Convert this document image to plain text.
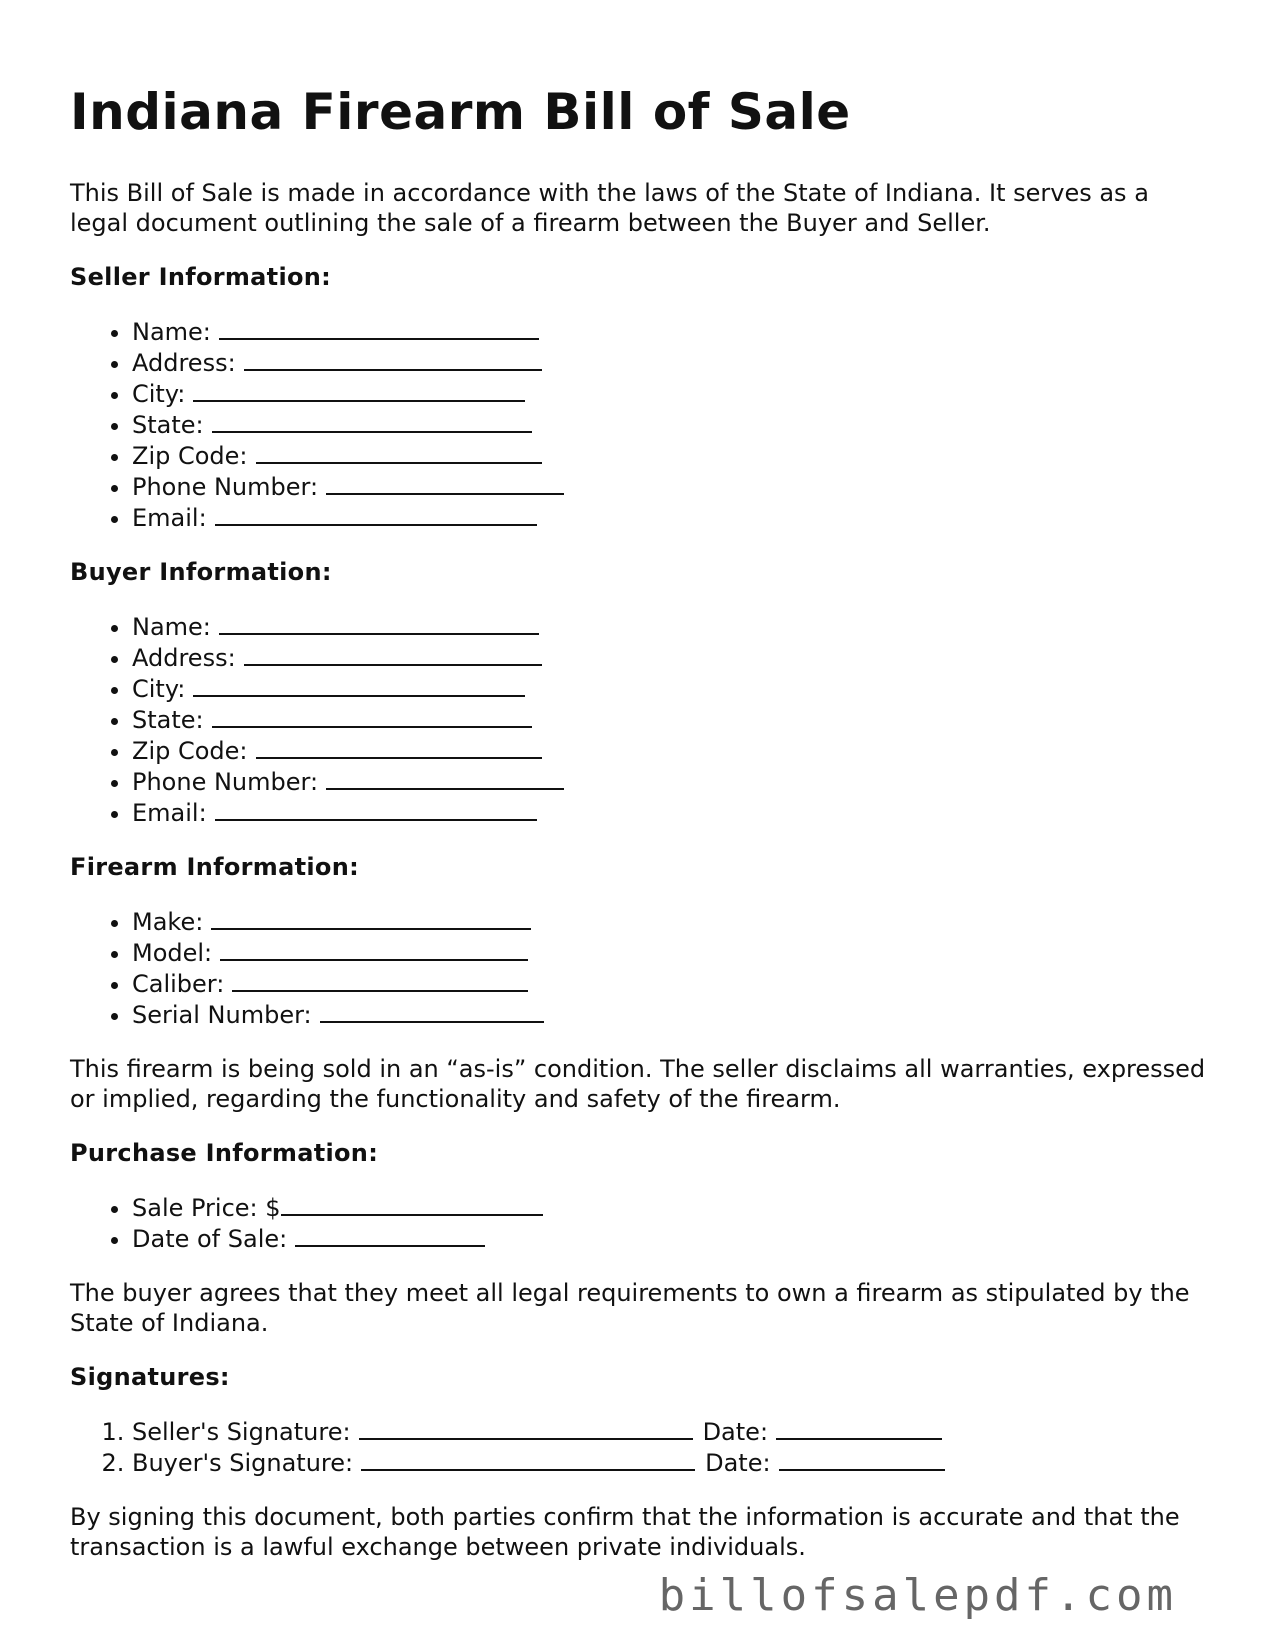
Indiana Firearm Bill of Sale

This Bill of Sale is made in accordance with the laws of the State of Indiana. It serves as a legal document outlining the sale of a firearm between the Buyer and Seller.

Seller Information:
• Name:
• Address:
• City:
• State:
• Zip Code:
• Phone Number:
• Email:
Buyer Information:
• Name:
• Address:
• City:
• State:
• Zip Code:
• Phone Number:
• Email:
Firearm Information:
• Make:
• Model:
• Caliber:
• Serial Number:

This firearm is being sold in an “as-is” condition. The seller disclaims all warranties, expressed or implied, regarding the functionality and safety of the firearm.

Purchase Information:
• Sale Price: $
• Date of Sale:

The buyer agrees that they meet all legal requirements to own a firearm as stipulated by the State of Indiana.

Signatures:
1. Seller's Signature:	Date:
2. Buyer's Signature:	Date:

By signing this document, both parties confirm that the information is accurate and that the transaction is a lawful exchange between private individuals.

billofsalepdf.com
